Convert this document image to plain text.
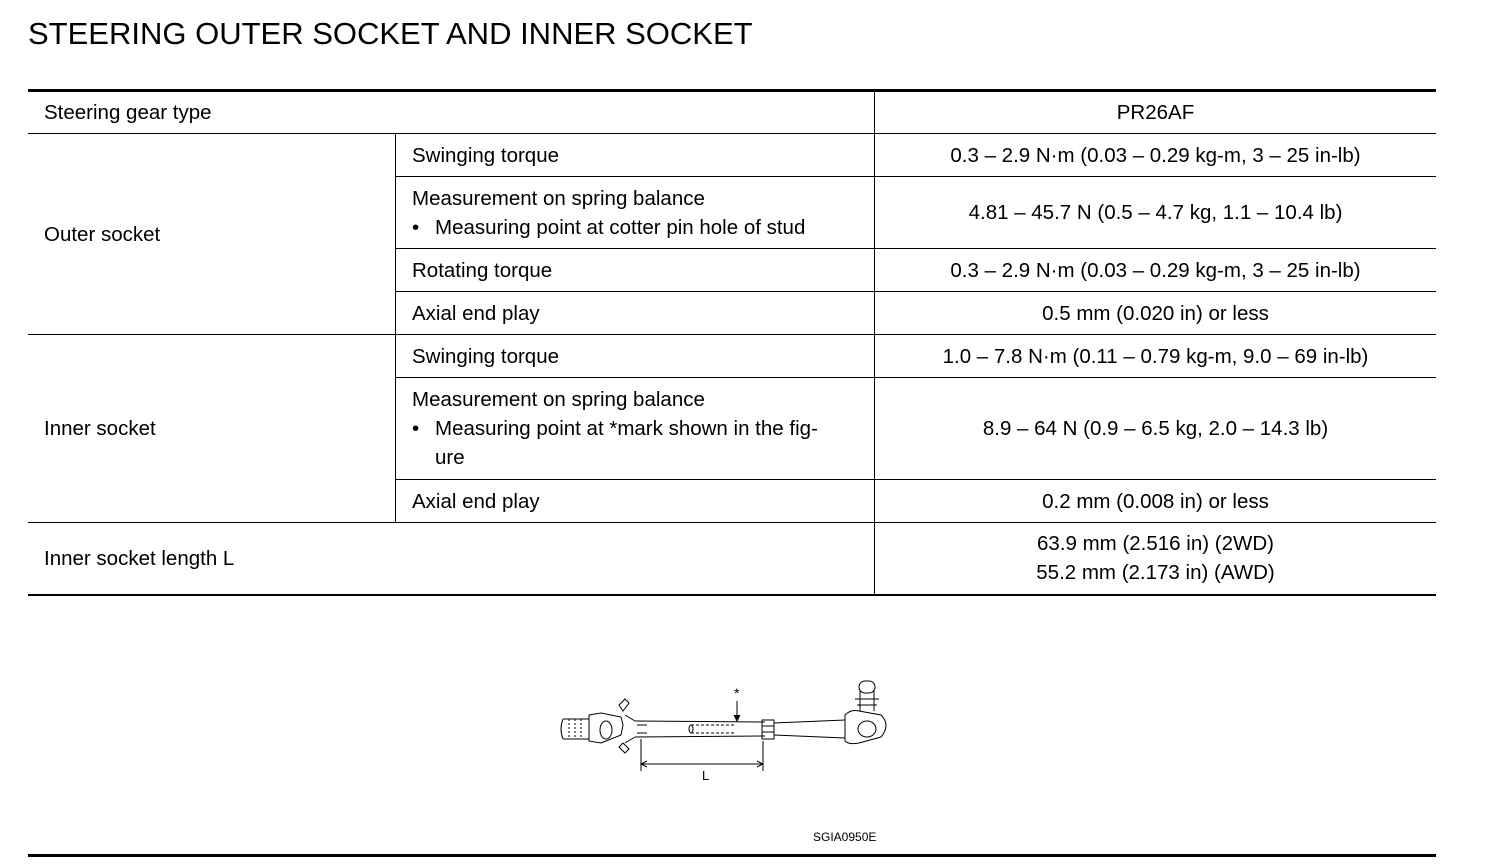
STEERING OUTER SOCKET AND INNER SOCKET
Steering gear type		PR26AF
Outer socket	Swinging torque	0.3 – 2.9 N·m (0.03 – 0.29 kg-m, 3 – 25 in-lb)

	Measurement on spring balance
• Measuring point at cotter pin hole of stud	4.81 – 45.7 N (0.5 – 4.7 kg, 1.1 – 10.4 lb)
	Rotating torque	0.3 – 2.9 N·m (0.03 – 0.29 kg-m, 3 – 25 in-lb)
	Axial end play	0.5 mm (0.020 in) or less
Inner socket	Swinging torque	1.0 – 7.8 N·m (0.11 – 0.79 kg-m, 9.0 – 69 in-lb)

	Measurement on spring balance
• Measuring point at *mark shown in the fig-
ure	8.9 – 64 N (0.9 – 6.5 kg, 2.0 – 14.3 lb)
	Axial end play	0.2 mm (0.008 in) or less
Inner socket length L		63.9 mm (2.516 in) (2WD)
55.2 mm (2.173 in) (AWD)
*
L
SGIA0950E
